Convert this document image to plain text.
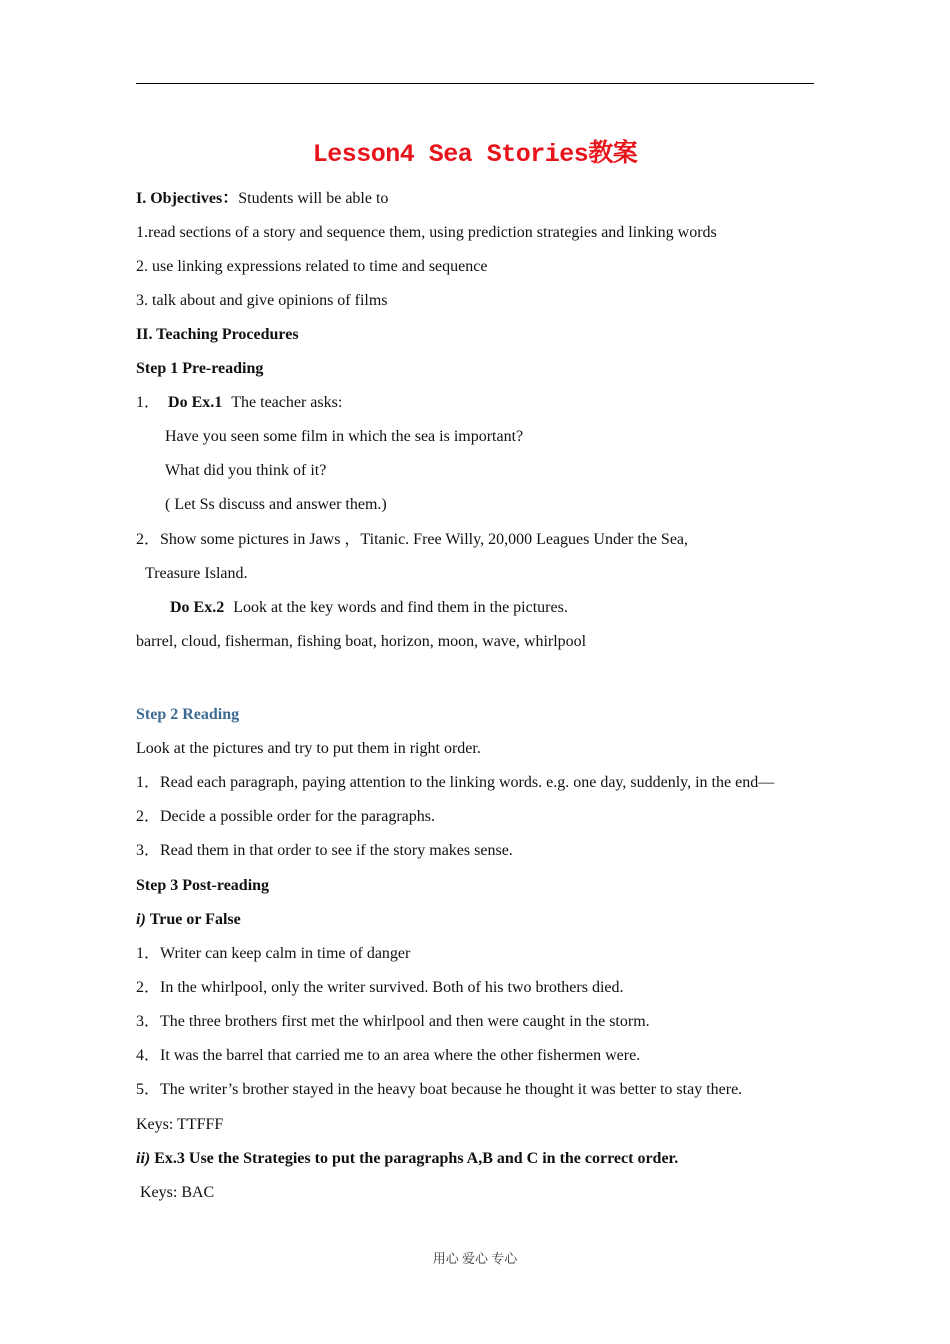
Lesson4 Sea Stories教案
I. Objectives：Students will be able to
1.read sections of a story and sequence them, using prediction strategies and linking words
2. use linking expressions related to time and sequence
3. talk about and give opinions of films
II. Teaching Procedures
Step 1 Pre-reading
1． Do Ex.1 The teacher asks:
Have you seen some film in which the sea is important?
What did you think of it?
( Let Ss discuss and answer them.)
2．Show some pictures in Jaws ，Titanic. Free Willy, 20,000 Leagues Under the Sea,
Treasure Island.
Do Ex.2 Look at the key words and find them in the pictures.
barrel, cloud, fisherman, fishing boat, horizon, moon, wave, whirlpool
Step 2 Reading
Look at the pictures and try to put them in right order.
1．Read each paragraph, paying attention to the linking words. e.g. one day, suddenly, in the end—
2．Decide a possible order for the paragraphs.
3．Read them in that order to see if the story makes sense.
Step 3 Post-reading
i) True or False
1．Writer can keep calm in time of danger
2．In the whirlpool, only the writer survived. Both of his two brothers died.
3．The three brothers first met the whirlpool and then were caught in the storm.
4．It was the barrel that carried me to an area where the other fishermen were.
5．The writer’s brother stayed in the heavy boat because he thought it was better to stay there.
Keys: TTFFF
ii) Ex.3 Use the Strategies to put the paragraphs A,B and C in the correct order.
Keys: BAC
用心 爱心 专心
